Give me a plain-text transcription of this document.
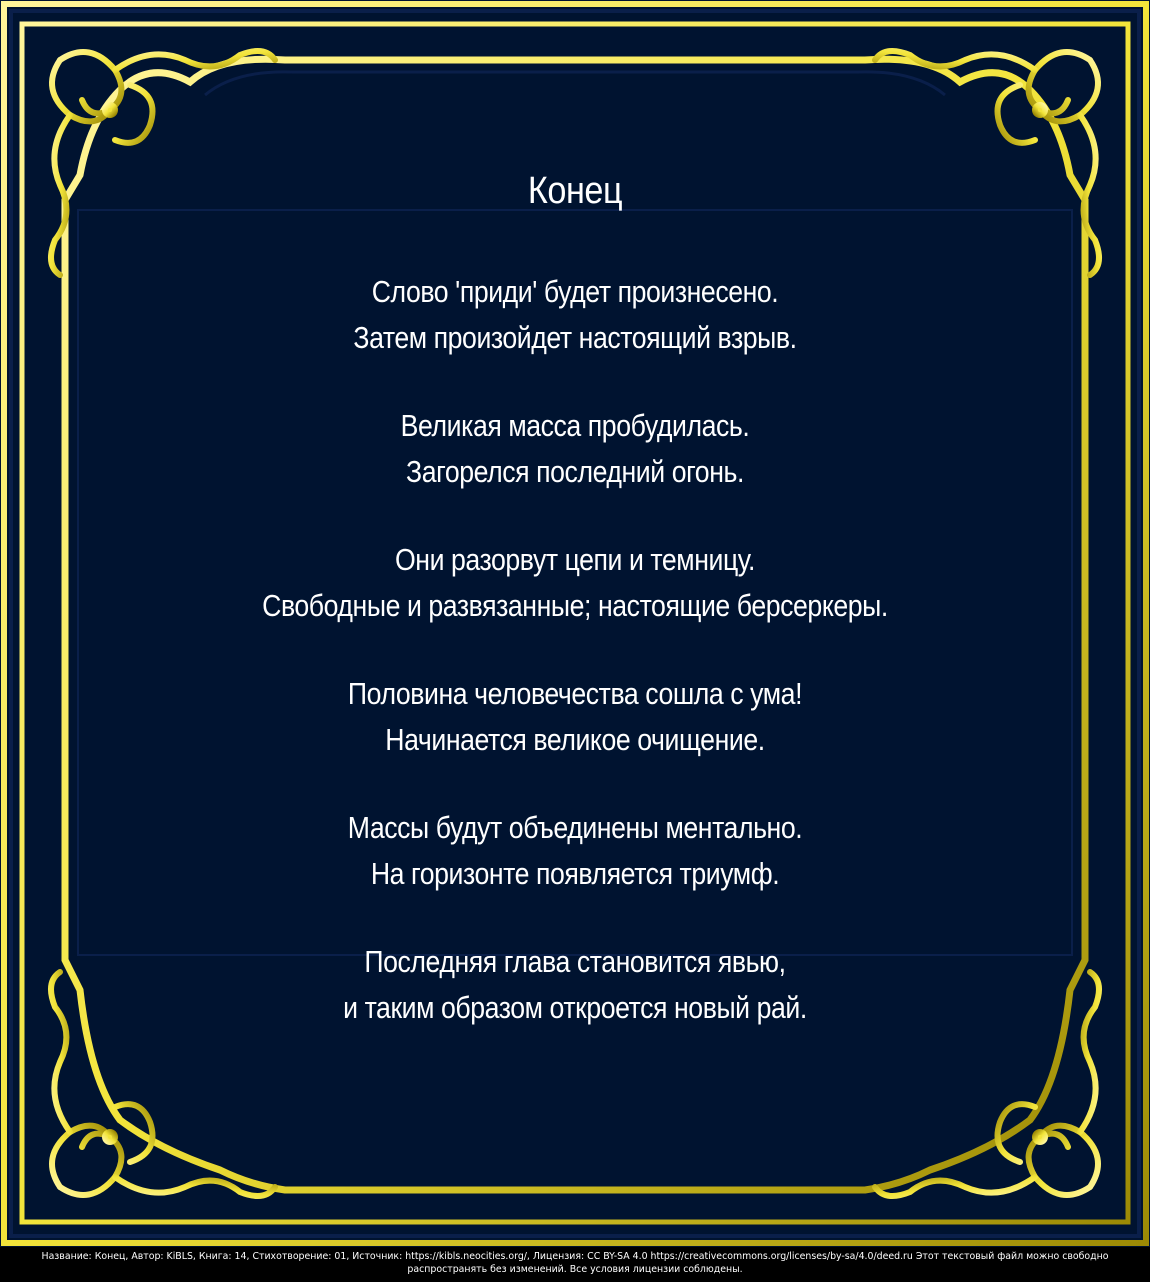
Конец
Слово 'приди' будет произнесено.
Затем произойдет настоящий взрыв.
Великая масса пробудилась.
Загорелся последний огонь.
Они разорвут цепи и темницу.
Свободные и развязанные; настоящие берсеркеры.
Половина человечества сошла с ума!
Начинается великое очищение.
Массы будут объединены ментально.
На горизонте появляется триумф.
Последняя глава становится явью,
и таким образом откроется новый рай.
Название: Конец, Автор: KiBLS, Книга: 14, Стихотворение: 01, Источник: https://kibls.neocities.org/, Лицензия: CC BY-SA 4.0 https://creativecommons.org/licenses/by-sa/4.0/deed.ru Этот текстовый файл можно свободно
распространять без изменений. Все условия лицензии соблюдены.
